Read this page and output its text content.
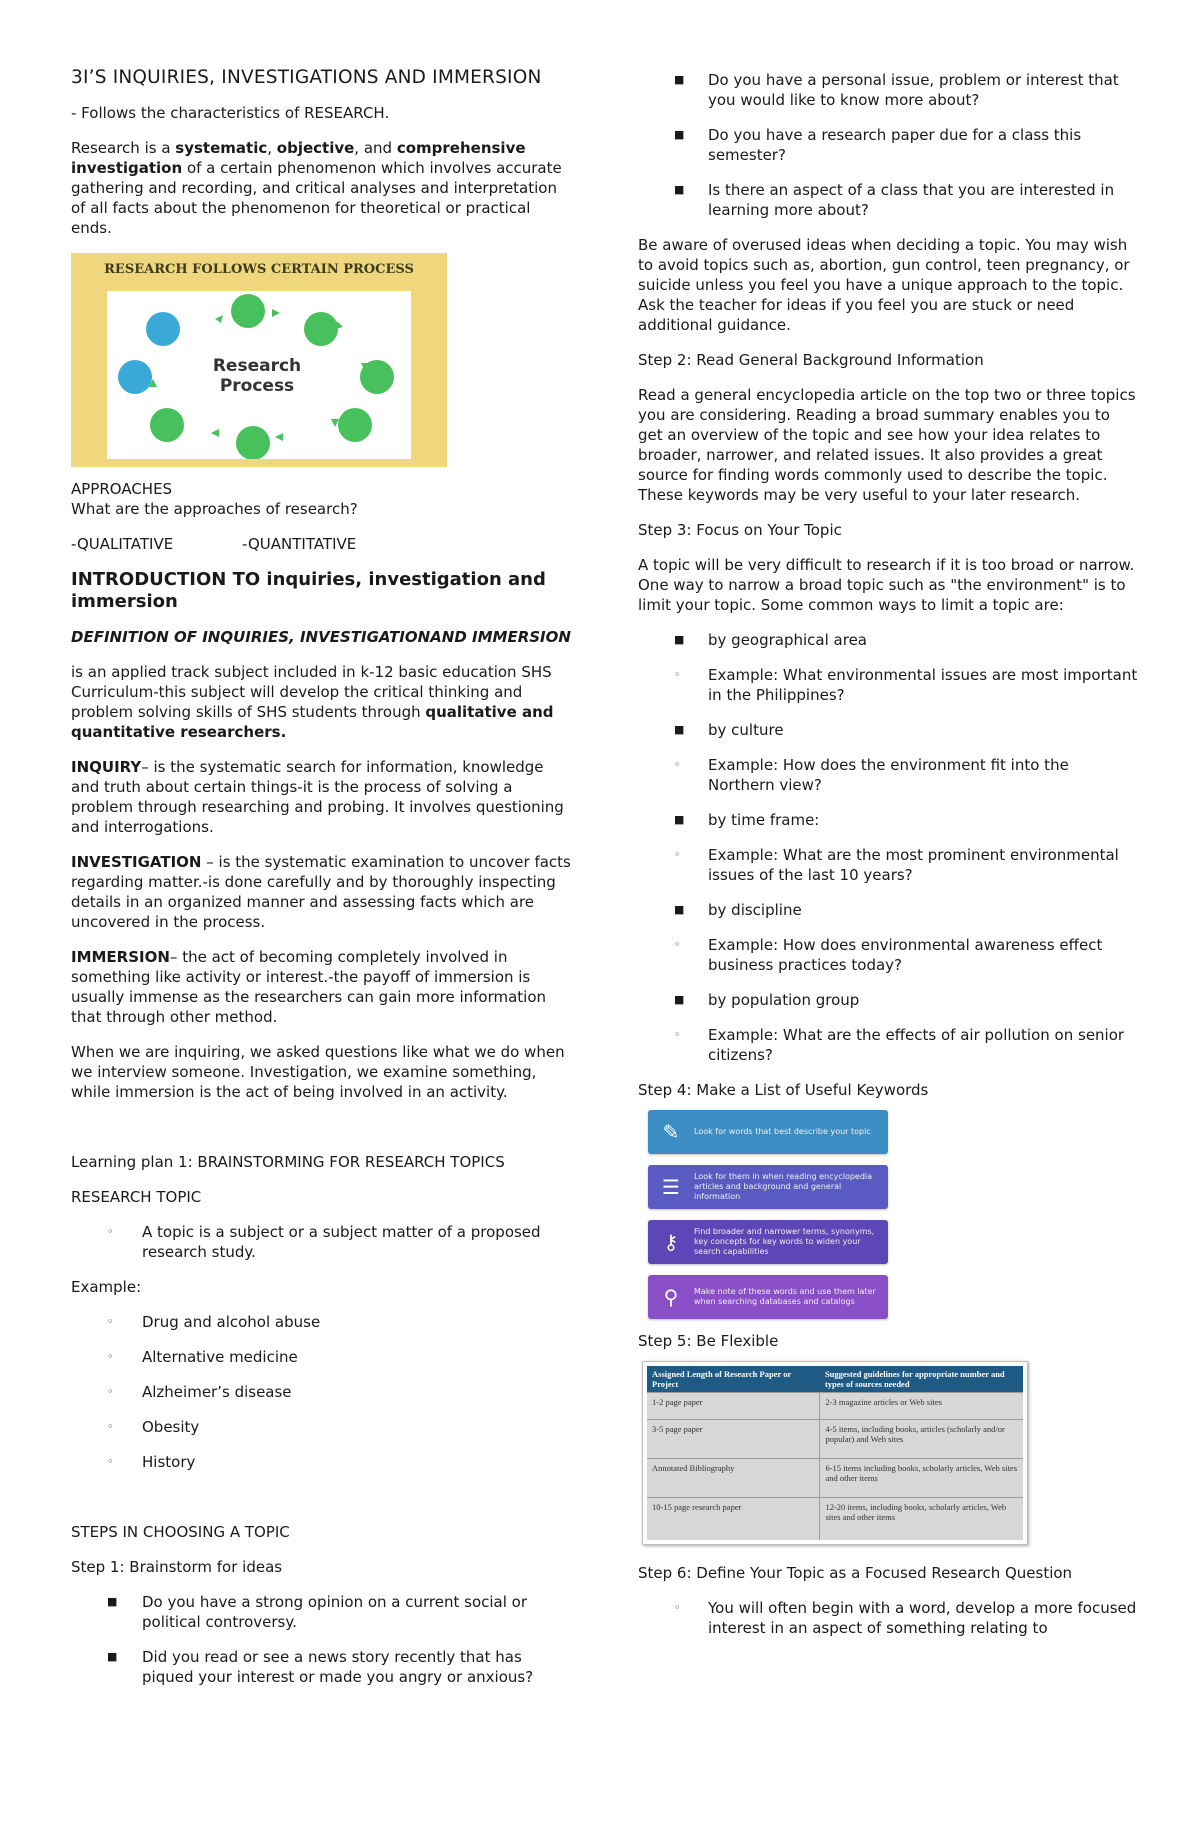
3I’S INQUIRIES, INVESTIGATIONS AND IMMERSION

- Follows the characteristics of RESEARCH.

Research is a systematic, objective, and comprehensive investigation of a certain phenomenon which involves accurate gathering and recording, and critical analyses and interpretation of all facts about the phenomenon for theoretical or practical ends.

RESEARCH FOLLOWS CERTAIN PROCESS
Research
Process
APPROACHES

What are the approaches of research?

-QUALITATIVE	-QUANTITATIVE
INTRODUCTION TO inquiries, investigation and immersion
DEFINITION OF INQUIRIES, INVESTIGATIONAND IMMERSION

is an applied track subject included in k-12 basic education SHS Curriculum-this subject will develop the critical thinking and problem solving skills of SHS students through qualitative and quantitative researchers.

INQUIRY– is the systematic search for information, knowledge and truth about certain things-it is the process of solving a problem through researching and probing. It involves questioning and interrogations.

INVESTIGATION – is the systematic examination to uncover facts regarding matter.-is done carefully and by thoroughly inspecting details in an organized manner and assessing facts which are uncovered in the process.

IMMERSION– the act of becoming completely involved in something like activity or interest.-the payoff of immersion is usually immense as the researchers can gain more information that through other method.

When we are inquiring, we asked questions like what we do when we interview someone. Investigation, we examine something, while immersion is the act of being involved in an activity.

Learning plan 1: BRAINSTORMING FOR RESEARCH TOPICS

RESEARCH TOPIC

◦ A topic is a subject or a subject matter of a proposed research study.

Example:

◦ Drug and alcohol abuse
◦ Alternative medicine
◦ Alzheimer’s disease
◦ Obesity
◦ History

STEPS IN CHOOSING A TOPIC

Step 1: Brainstorm for ideas

■ Do you have a strong opinion on a current social or political controversy.
■ Did you read or see a news story recently that has piqued your interest or made you angry or anxious?
■ Do you have a personal issue, problem or interest that you would like to know more about?
■ Do you have a research paper due for a class this semester?
■ Is there an aspect of a class that you are interested in learning more about?

Be aware of overused ideas when deciding a topic. You may wish to avoid topics such as, abortion, gun control, teen pregnancy, or suicide unless you feel you have a unique approach to the topic. Ask the teacher for ideas if you feel you are stuck or need additional guidance.

Step 2: Read General Background Information

Read a general encyclopedia article on the top two or three topics you are considering. Reading a broad summary enables you to get an overview of the topic and see how your idea relates to broader, narrower, and related issues. It also provides a great source for finding words commonly used to describe the topic. These keywords may be very useful to your later research.

Step 3: Focus on Your Topic

A topic will be very difficult to research if it is too broad or narrow. One way to narrow a broad topic such as "the environment" is to limit your topic. Some common ways to limit a topic are:

■ by geographical area
◦ Example: What environmental issues are most important in the Philippines?
■ by culture
◦ Example: How does the environment fit into the Northern view?
■ by time frame:
◦ Example: What are the most prominent environmental issues of the last 10 years?
■ by discipline
◦ Example: How does environmental awareness effect business practices today?
■ by population group
◦ Example: What are the effects of air pollution on senior citizens?

Step 4: Make a List of Useful Keywords

✎	Look for words that best describe your topic
☰	Look for them in when reading encyclopedia articles and background and general information
⚷	Find broader and narrower terms, synonyms, key concepts for key words to widen your search capabilities
⚲	Make note of these words and use them later when searching databases and catalogs

Step 5: Be Flexible

Assigned Length of Research Paper or Project	Suggested guidelines for appropriate number and types of sources needed
1-2 page paper	2-3 magazine articles or Web sites
3-5 page paper	4-5 items, including books, articles (scholarly and/or popular) and Web sites
Annotated Bibliography	6-15 items including books, scholarly articles, Web sites and other items
10-15 page research paper	12-20 items, including books, scholarly articles, Web sites and other items

Step 6: Define Your Topic as a Focused Research Question

◦ You will often begin with a word, develop a more focused interest in an aspect of something relating to
